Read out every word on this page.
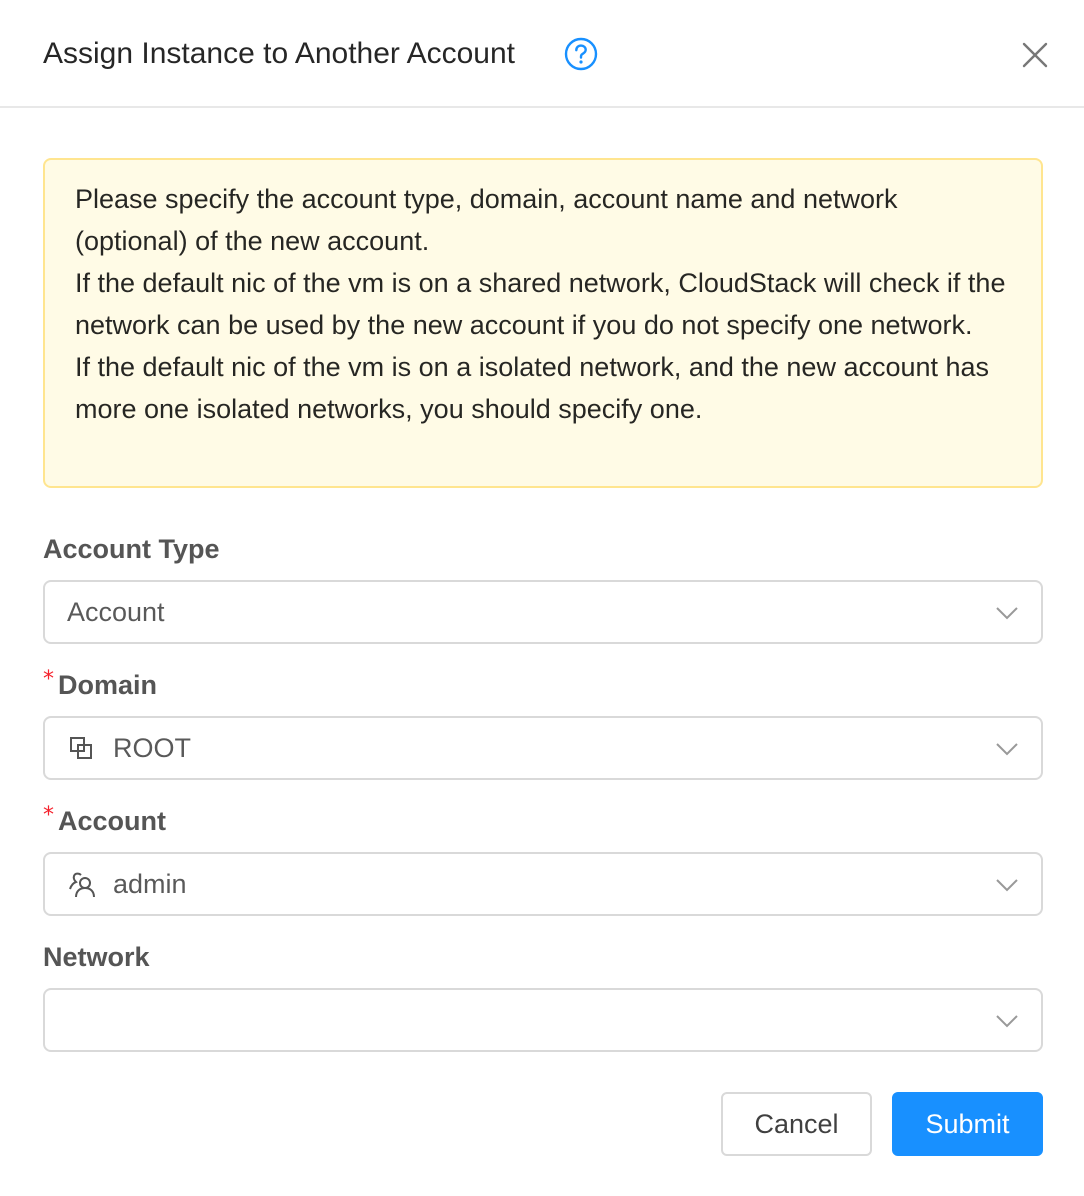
Assign Instance to Another Account

Please specify the account type, domain, account name and network (optional) of the new account.

If the default nic of the vm is on a shared network, CloudStack will check if the network can be used by the new account if you do not specify one network.

If the default nic of the vm is on a isolated network, and the new account has more one isolated networks, you should specify one.

Account Type
Account
* Domain
ROOT
* Account
admin
Network
Cancel	Submit
